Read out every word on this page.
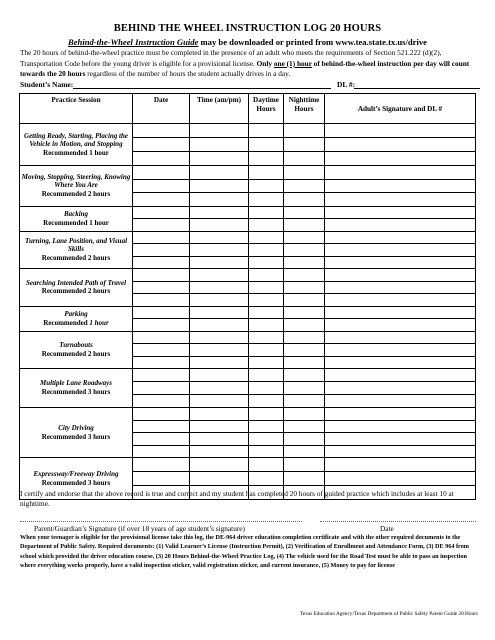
BEHIND THE WHEEL INSTRUCTION LOG 20 HOURS
Behind-the-Wheel Instruction Guide may be downloaded or printed from www.tea.state.tx.us/drive
The 20 hours of behind-the-wheel practice must be completed in the presence of an adult who meets the requirements of Section 521.222 (d)(2), Transportation Code before the young driver is eligible for a provisional license. Only one (1) hour of behind-the-wheel instruction per day will count towards the 20 hours regardless of the number of hours the student actually drives in a day.
Student’s Name:	DL #:
Practice Session	Date	Time (am/pm)	Daytime Hours	Nighttime Hours	Adult’s Signature and DL #

Getting Ready, Starting, Placing the Vehicle in Motion, and Stopping
Recommended 1 hour					

Moving, Stopping, Steering, Knowing Where You Are
Recommended 2 hours					

Backing
Recommended 1 hour					

Turning, Lane Position, and Visual Skills
Recommended 2 hours					

Searching Intended Path of Travel
Recommended 2 hours					

Parking
Recommended 1 hour					

Turnabouts
Recommended 2 hours					

Multiple Lane Roadways
Recommended 3 hours					

City Driving
Recommended 3 hours					

Expressway/Freeway Driving
Recommended 3 hours					

I certify and endorse that the above record is true and correct and my student has completed 20 hours of guided practice which includes at least 10 at nighttime.
Parent/Guardian’s Signature (if over 18 years of age student’s signature)	Date
When your teenager is eligible for the provisional license take this log, the DE-964 driver education completion certificate and with the other required documents to the Department of Public Safety. Required documents: (1) Valid Learner’s License (Instruction Permit), (2) Verification of Enrollment and Attendance Form, (3) DE 964 from school which provided the driver education course, (3) 20 Hours Behind-the-Wheel Practice Log, (4) The vehicle used for the Road Test must be able to pass an inspection where everything works properly, have a valid inspection sticker, valid registration sticker, and current insurance, (5) Money to pay for license
Texas Education Agency/Texas Department of Public Safety Parent Guide 20 Hours
